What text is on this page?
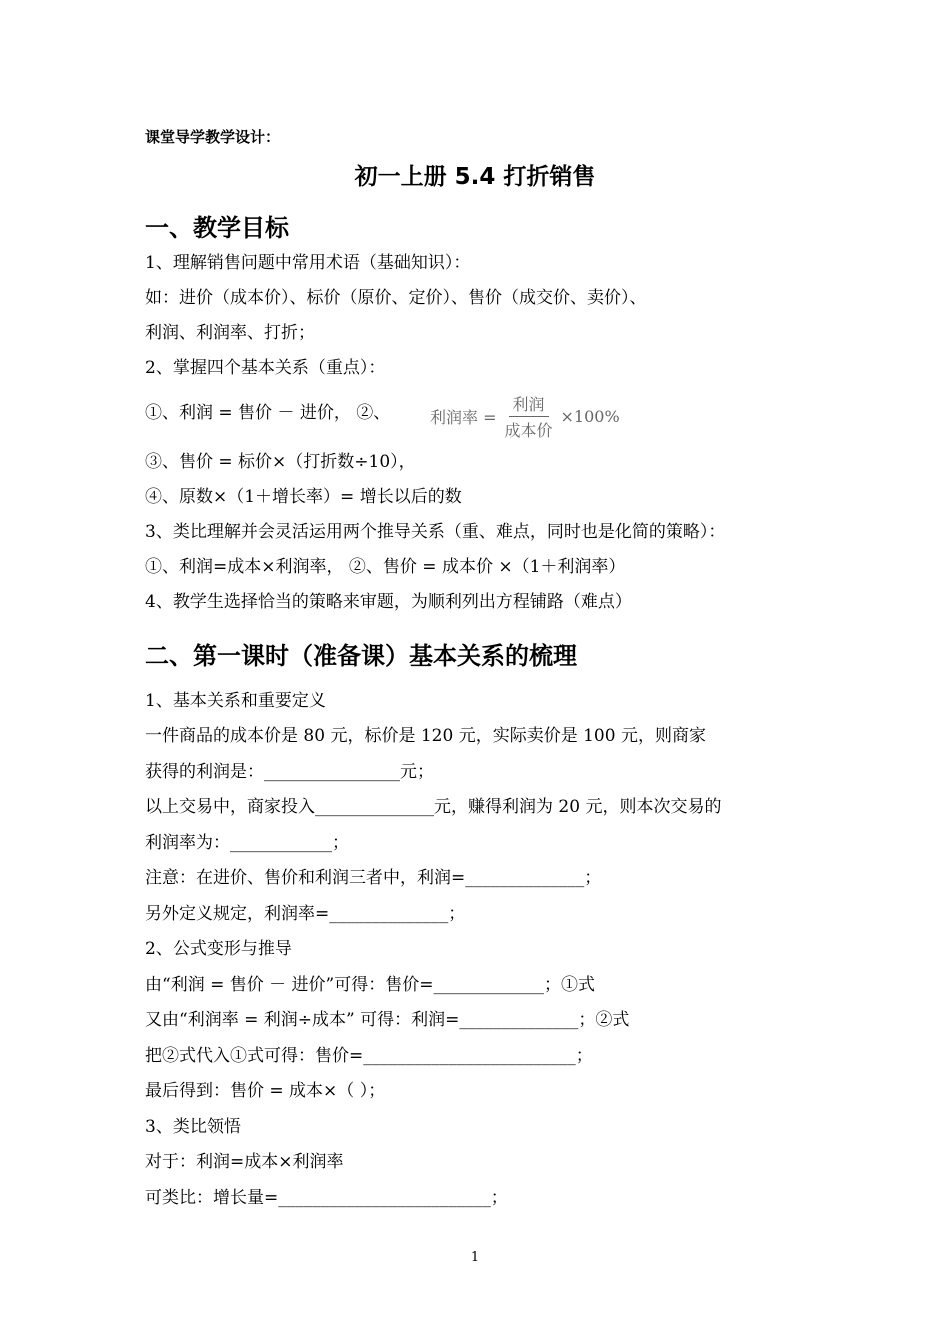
课堂导学教学设计：
初一上册 5.4 打折销售
一、教学目标
1、理解销售问题中常用术语（基础知识）：
如：进价（成本价）、标价（原价、定价）、售价（成交价、卖价）、
利润、利润率、打折；
2、掌握四个基本关系（重点）：
①、利润 = 售价 － 进价， ②、 利润率 = $\frac{\text{利润}}{\text{成本价}} \times 100\%$
③、售价 = 标价×（打折数÷10），
④、原数×（1＋增长率）= 增长以后的数
3、类比理解并会灵活运用两个推导关系（重、难点，同时也是化简的策略）：
①、利润=成本×利润率， ②、售价 = 成本价 ×（1＋利润率）
4、教学生选择恰当的策略来审题，为顺利列出方程铺路（难点）
二、第一课时（准备课）基本关系的梳理
1、基本关系和重要定义
一件商品的成本价是 80 元，标价是 120 元，实际卖价是 100 元，则商家
获得的利润是：________________元；
以上交易中，商家投入______________元，赚得利润为 20 元，则本次交易的
利润率为：____________；
注意：在进价、售价和利润三者中，利润=______________；
另外定义规定，利润率=______________；
2、公式变形与推导
由“利润 = 售价 － 进价”可得：售价=_____________；①式
又由“利润率 = 利润÷成本” 可得：利润=______________；②式
把②式代入①式可得：售价=_________________________；
最后得到：售价 = 成本×（ ）；
3、类比领悟
对于：利润=成本×利润率
可类比：增长量=_________________________；
1
